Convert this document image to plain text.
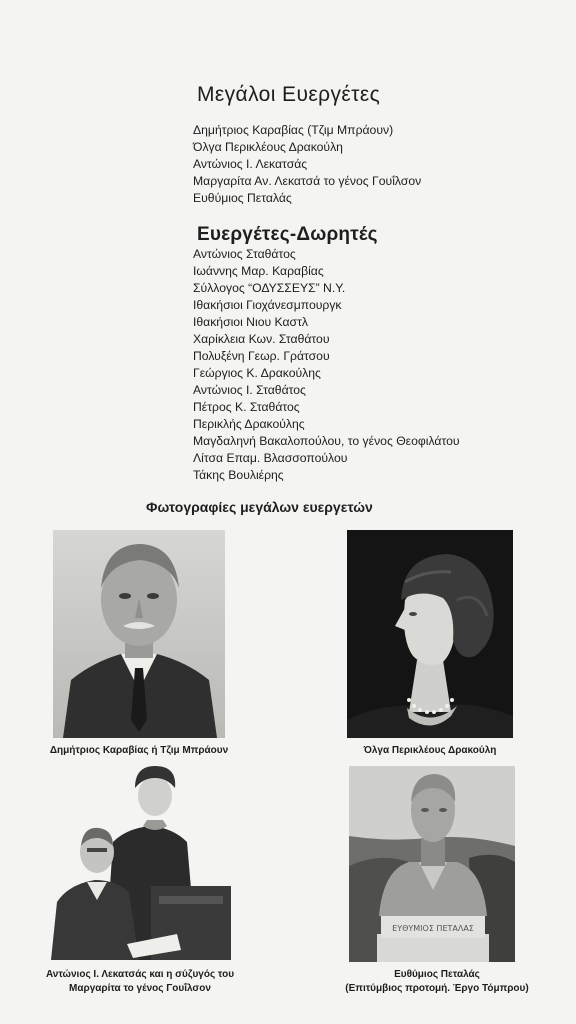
Μεγάλοι Ευεργέτες
Δημήτριος Καραβίας (Τζιμ Μπράουν)
Όλγα Περικλέους Δρακούλη
Αντώνιος Ι. Λεκατσάς
Μαργαρίτα Αν. Λεκατσά το γένος Γουΐλσον
Ευθύμιος Πεταλάς
Ευεργέτες-Δωρητές
Αντώνιος Σταθάτος
Ιωάννης Μαρ. Καραβίας
Σύλλογος “ΟΔΥΣΣΕΥΣ” Ν.Υ.
Ιθακήσιοι Γιοχάνεσμπουργκ
Ιθακήσιοι Νιου Καστλ
Χαρίκλεια Κων. Σταθάτου
Πολυξένη Γεωρ. Γράτσου
Γεώργιος Κ. Δρακούλης
Αντώνιος Ι. Σταθάτος
Πέτρος Κ. Σταθάτος
Περικλής Δρακούλης
Μαγδαληνή Βακαλοπούλου, το γένος Θεοφιλάτου
Λίτσα Επαμ. Βλασσοπούλου
Τάκης Βουλιέρης
Φωτογραφίες μεγάλων ευεργετών
Δημήτριος Καραβίας ή Τζιμ Μπράουν	Όλγα Περικλέους Δρακούλη
ΕΥΘΥΜΙΟΣ ΠΕΤΑΛΑΣ
Αντώνιος Ι. Λεκατσάς και η σύζυγός του
Μαργαρίτα το γένος Γουΐλσον
Ευθύμιος Πεταλάς
(Επιτύμβιος προτομή. Έργο Τόμπρου)
